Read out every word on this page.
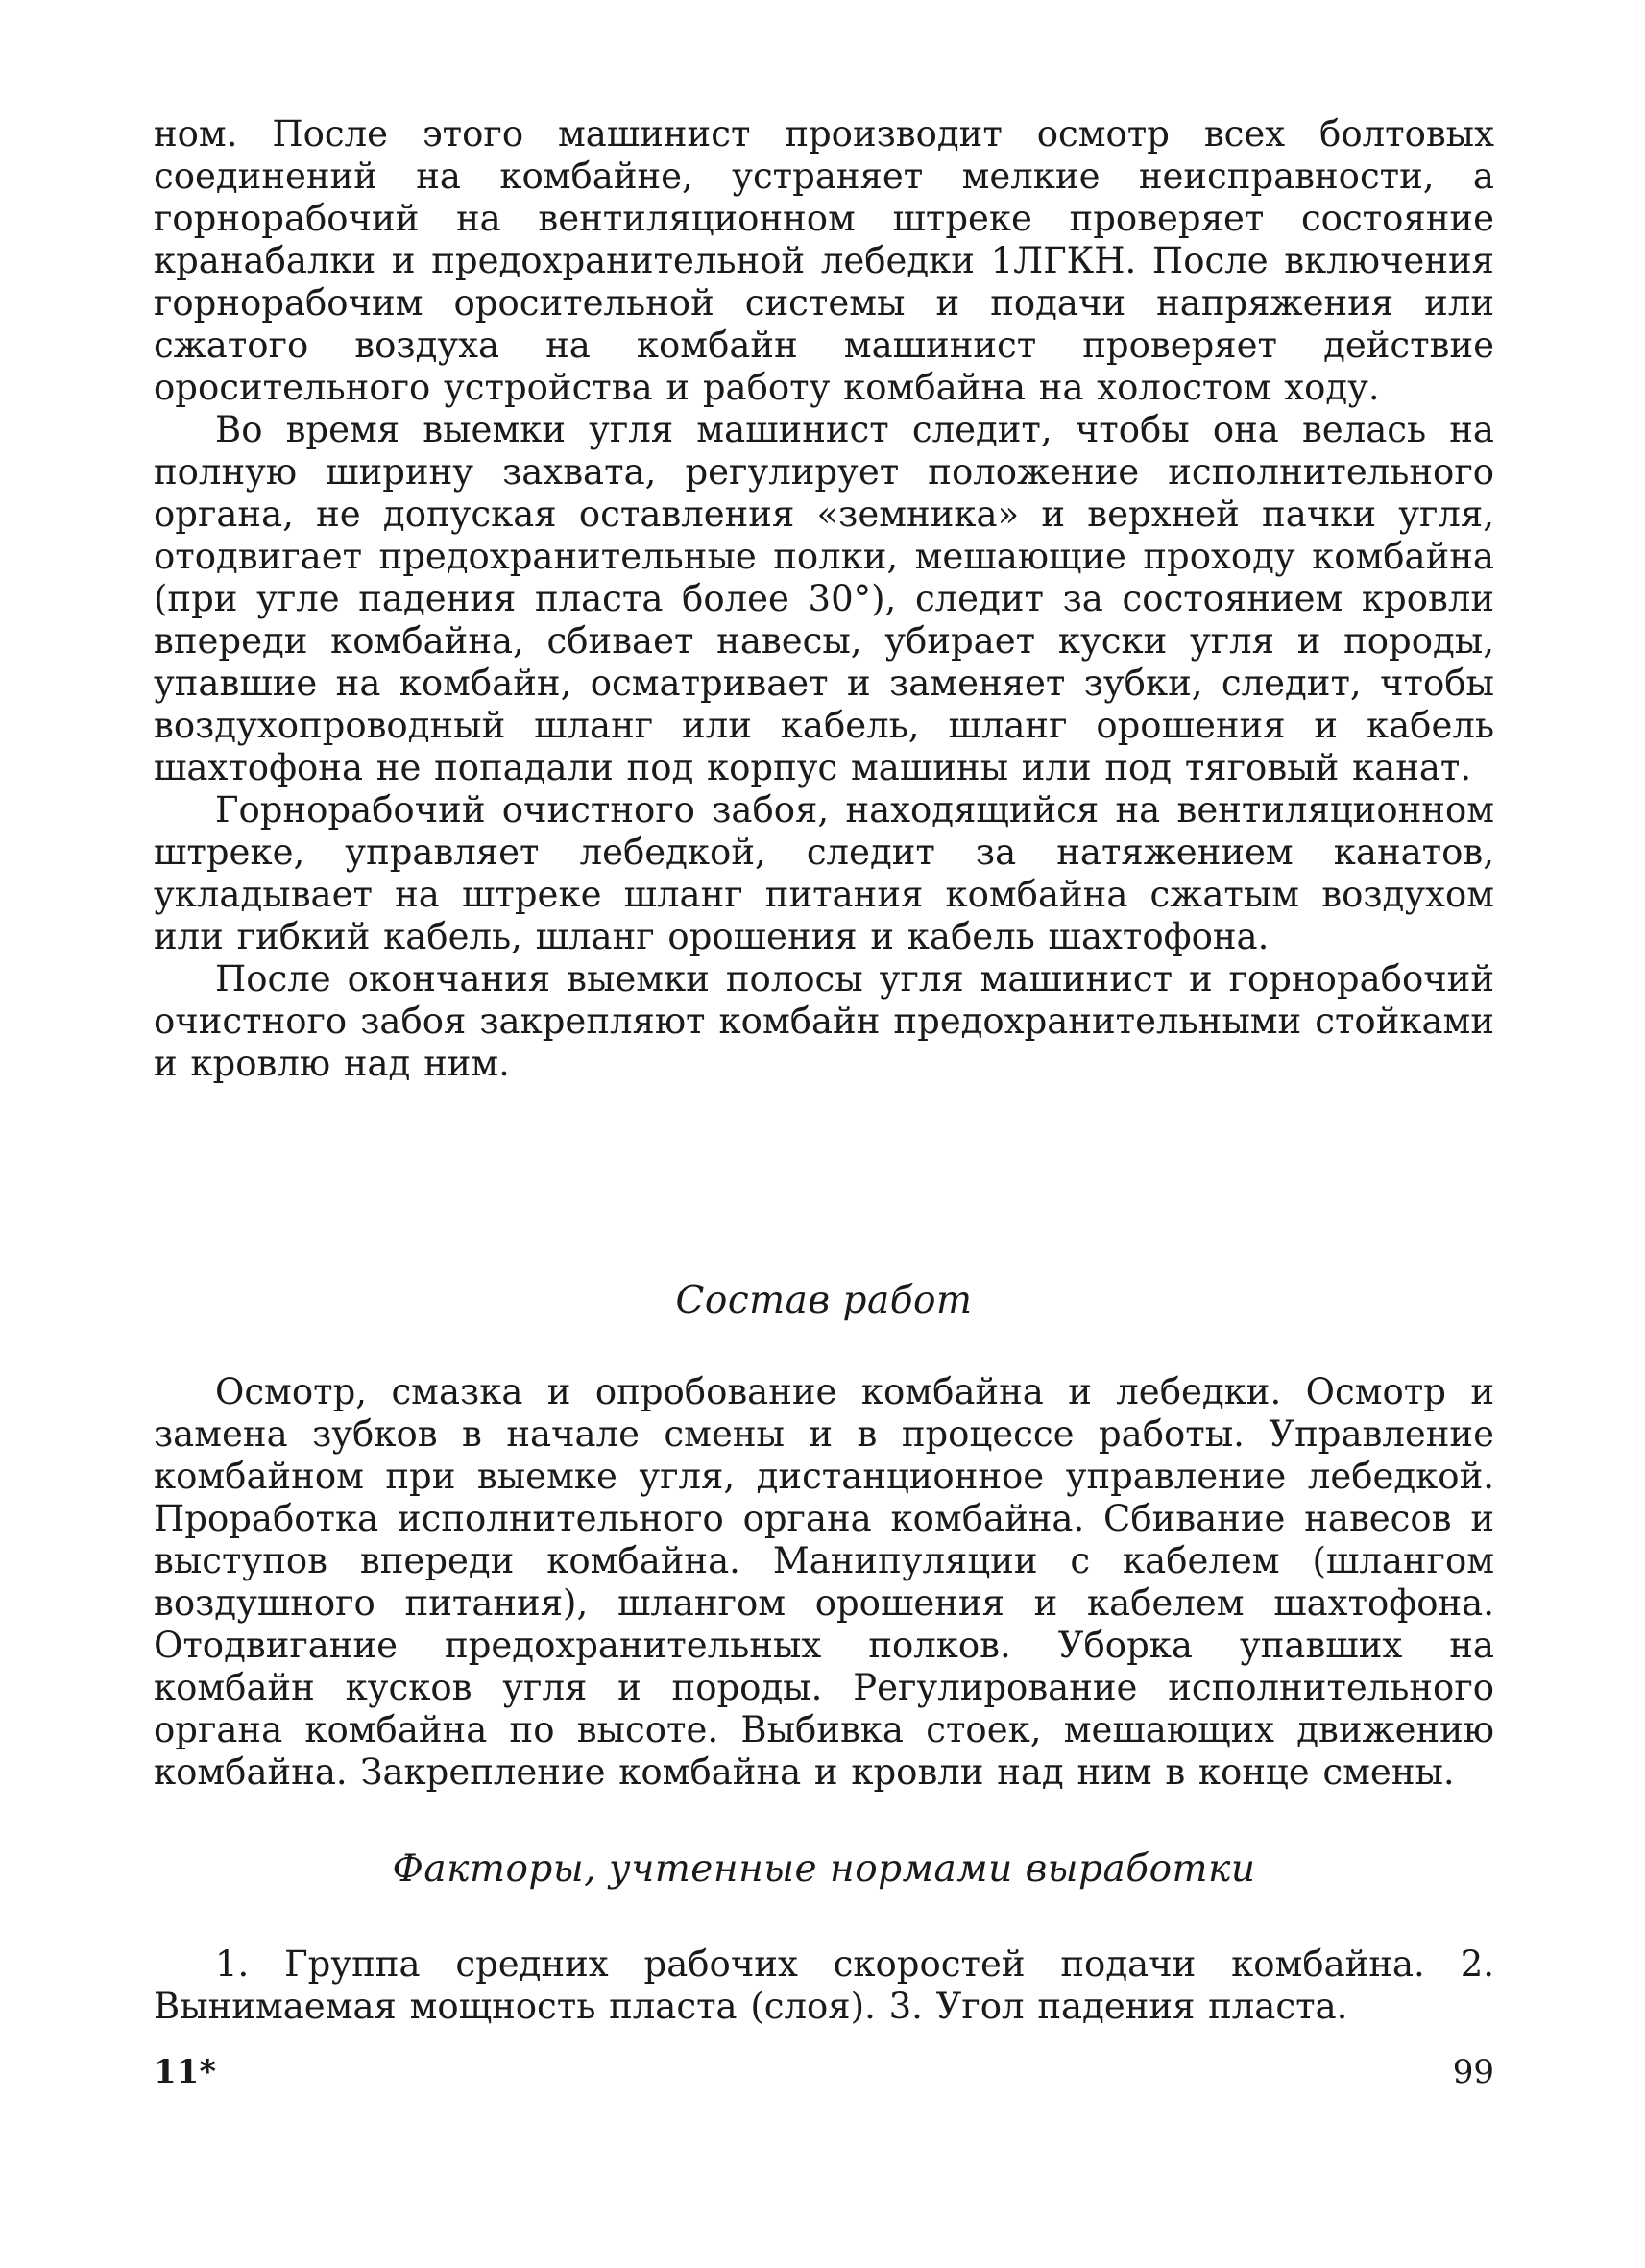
ном. После этого машинист производит осмотр всех болтовых соединений на комбайне, устраняет мелкие неисправности, а горнорабочий на вентиляционном штреке проверяет состояние кранабалки и предохранительной лебедки 1ЛГКН. После включения горнорабочим оросительной системы и подачи напряжения или сжатого воздуха на комбайн машинист проверяет действие оросительного устройства и работу комбайна на холостом ходу.

Во время выемки угля машинист следит, чтобы она велась на полную ширину захвата, регулирует положение исполнительного органа, не допуская оставления «земника» и верхней пачки угля, отодвигает предохранительные полки, мешающие проходу комбайна (при угле падения пласта более 30°), следит за состоянием кровли впереди комбайна, сбивает навесы, убирает куски угля и породы, упавшие на комбайн, осматривает и заменяет зубки, следит, чтобы воздухопроводный шланг или кабель, шланг орошения и кабель шахтофона не попадали под корпус машины или под тяговый канат.

Горнорабочий очистного забоя, находящийся на вентиляционном штреке, управляет лебедкой, следит за натяжением канатов, укладывает на штреке шланг питания комбайна сжатым воздухом или гибкий кабель, шланг орошения и кабель шахтофона.

После окончания выемки полосы угля машинист и горнорабочий очистного забоя закрепляют комбайн предохранительными стойками и кровлю над ним.

Состав работ

Осмотр, смазка и опробование комбайна и лебедки. Осмотр и замена зубков в начале смены и в процессе работы. Управление комбайном при выемке угля, дистанционное управление лебедкой. Проработка исполнительного органа комбайна. Сбивание навесов и выступов впереди комбайна. Манипуляции с кабелем (шлангом воздушного питания), шлангом орошения и кабелем шахтофона. Отодвигание предохранительных полков. Уборка упавших на комбайн кусков угля и породы. Регулирование исполнительного органа комбайна по высоте. Выбивка стоек, мешающих движению комбайна. Закрепление комбайна и кровли над ним в конце смены.

Факторы, учтенные нормами выработки

1. Группа средних рабочих скоростей подачи комбайна. 2. Вынимаемая мощность пласта (слоя). 3. Угол падения пласта.

11*	99
